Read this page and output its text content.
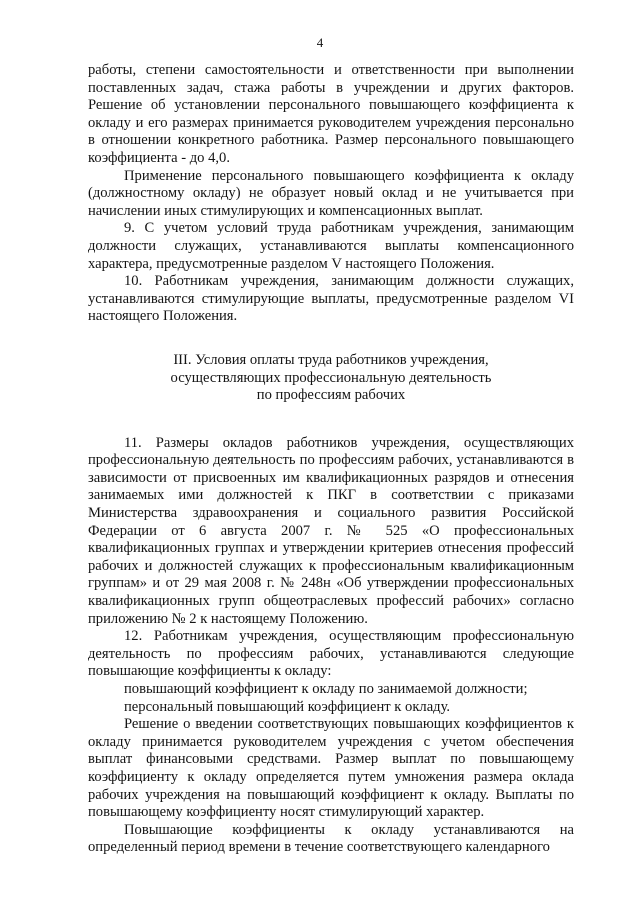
4

работы, степени самостоятельности и ответственности при выполнении поставленных задач, стажа работы в учреждении и других факторов. Решение об установлении персонального повышающего коэффициента к окладу и его размерах принимается руководителем учреждения персонально в отношении конкретного работника. Размер персонального повышающего коэффициента - до 4,0.

Применение персонального повышающего коэффициента к окладу (должностному окладу) не образует новый оклад и не учитывается при начислении иных стимулирующих и компенсационных выплат.

9. С учетом условий труда работникам учреждения, занимающим должности служащих, устанавливаются выплаты компенсационного характера, предусмотренные разделом V настоящего Положения.

10. Работникам учреждения, занимающим должности служащих, устанавливаются стимулирующие выплаты, предусмотренные разделом VI настоящего Положения.

III. Условия оплаты труда работников учреждения,
осуществляющих профессиональную деятельность
по профессиям рабочих

11. Размеры окладов работников учреждения, осуществляющих профессиональную деятельность по профессиям рабочих, устанавливаются в зависимости от присвоенных им квалификационных разрядов и отнесения занимаемых ими должностей к ПКГ в соответствии с приказами Министерства здравоохранения и социального развития Российской Федерации от 6 августа 2007 г. № 525 «О профессиональных квалификационных группах и утверждении критериев отнесения профессий рабочих и должностей служащих к профессиональным квалификационным группам» и от 29 мая 2008 г. № 248н «Об утверждении профессиональных квалификационных групп общеотраслевых профессий рабочих» согласно приложению № 2 к настоящему Положению.

12. Работникам учреждения, осуществляющим профессиональную деятельность по профессиям рабочих, устанавливаются следующие повышающие коэффициенты к окладу:

повышающий коэффициент к окладу по занимаемой должности;

персональный повышающий коэффициент к окладу.

Решение о введении соответствующих повышающих коэффициентов к окладу принимается руководителем учреждения с учетом обеспечения выплат финансовыми средствами. Размер выплат по повышающему коэффициенту к окладу определяется путем умножения размера оклада рабочих учреждения на повышающий коэффициент к окладу. Выплаты по повышающему коэффициенту носят стимулирующий характер.

Повышающие коэффициенты к окладу устанавливаются на определенный период времени в течение соответствующего календарного
